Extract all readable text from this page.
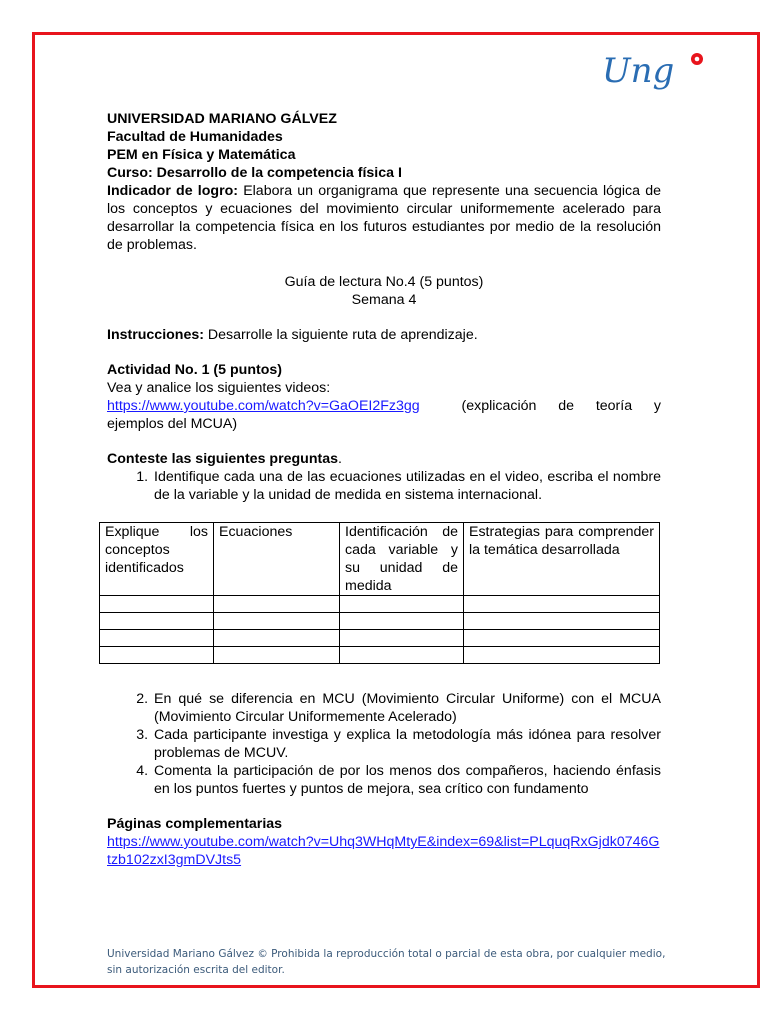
Ung
UNIVERSIDAD MARIANO GÁLVEZ
Facultad de Humanidades
PEM en Física y Matemática
Curso: Desarrollo de la competencia física I
Indicador de logro: Elabora un organigrama que represente una secuencia lógica de los conceptos y ecuaciones del movimiento circular uniformemente acelerado para desarrollar la competencia física en los futuros estudiantes por medio de la resolución de problemas.
Guía de lectura No.4 (5 puntos)
Semana 4
Instrucciones: Desarrolle la siguiente ruta de aprendizaje.
Actividad No. 1 (5 puntos)
Vea y analice los siguientes videos:
https://www.youtube.com/watch?v=GaOEI2Fz3gg	(explicación de teoría y
ejemplos del MCUA)
Conteste las siguientes preguntas.
1. Identifique cada una de las ecuaciones utilizadas en el video, escriba el nombre de la variable y la unidad de medida en sistema internacional.
Explique los conceptos identificados	Ecuaciones	Identificación de cada variable y su unidad de medida	Estrategias para comprender la temática desarrollada

2. En qué se diferencia en MCU (Movimiento Circular Uniforme) con el MCUA (Movimiento Circular Uniformemente Acelerado)
3. Cada participante investiga y explica la metodología más idónea para resolver problemas de MCUV.
4. Comenta la participación de por los menos dos compañeros, haciendo énfasis en los puntos fuertes y puntos de mejora, sea crítico con fundamento
Páginas complementarias
https://www.youtube.com/watch?v=Uhq3WHqMtyE&index=69&list=PLquqRxGjdk0746Gtzb102zxI3gmDVJts5
Universidad Mariano Gálvez © Prohibida la reproducción total o parcial de esta obra, por cualquier medio, sin autorización escrita del editor.
